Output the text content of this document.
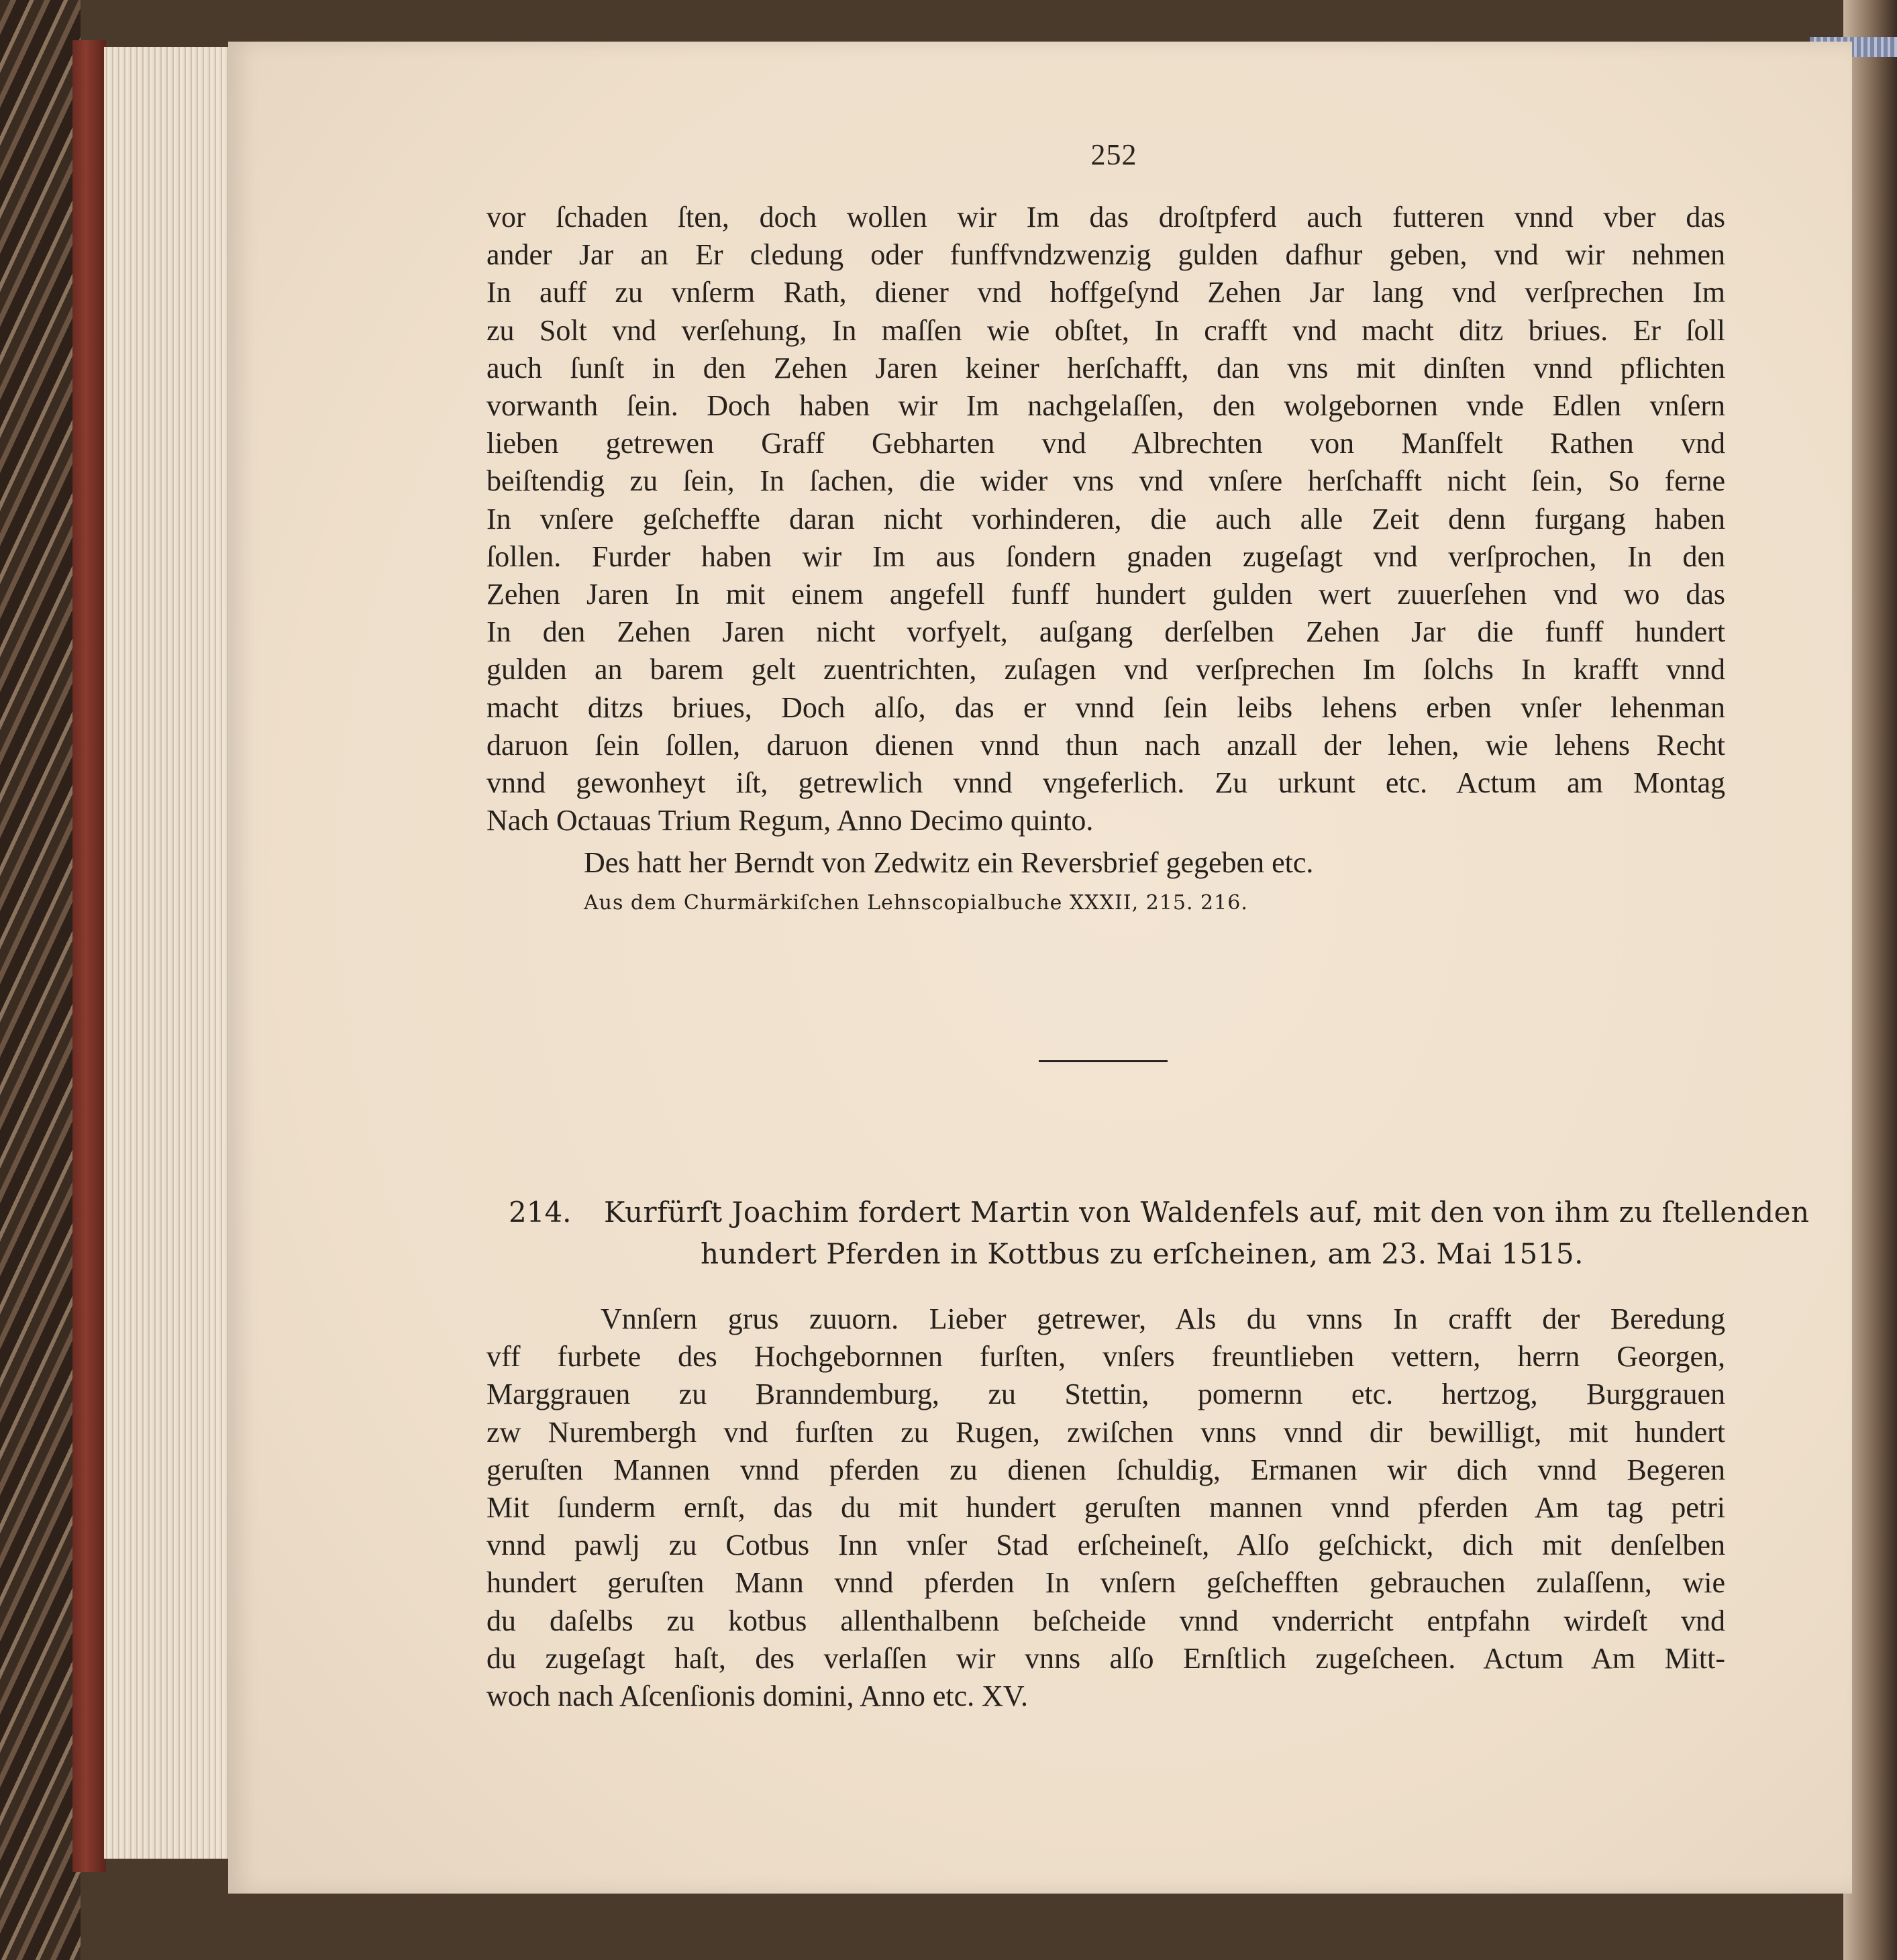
252
vor ſchaden ſten, doch wollen wir Im das droſtpferd auch futteren vnnd vber das
ander Jar an Er cledung oder funffvndzwenzig gulden dafhur geben, vnd wir nehmen
In auff zu vnſerm Rath, diener vnd hoffgeſynd Zehen Jar lang vnd verſprechen Im
zu Solt vnd verſehung, In maſſen wie obſtet, In crafft vnd macht ditz briues. Er ſoll
auch ſunſt in den Zehen Jaren keiner herſchafft, dan vns mit dinſten vnnd pflichten
vorwanth ſein. Doch haben wir Im nachgelaſſen, den wolgebornen vnde Edlen vnſern
lieben getrewen Graff Gebharten vnd Albrechten von Manſfelt Rathen vnd
beiſtendig zu ſein, In ſachen, die wider vns vnd vnſere herſchafft nicht ſein, So ferne
In vnſere geſcheffte daran nicht vorhinderen, die auch alle Zeit denn furgang haben
ſollen. Furder haben wir Im aus ſondern gnaden zugeſagt vnd verſprochen, In den
Zehen Jaren In mit einem angefell funff hundert gulden wert zuuerſehen vnd wo das
In den Zehen Jaren nicht vorfyelt, auſgang derſelben Zehen Jar die funff hundert
gulden an barem gelt zuentrichten, zuſagen vnd verſprechen Im ſolchs In krafft vnnd
macht ditzs briues, Doch alſo, das er vnnd ſein leibs lehens erben vnſer lehenman
daruon ſein ſollen, daruon dienen vnnd thun nach anzall der lehen, wie lehens Recht
vnnd gewonheyt iſt, getrewlich vnnd vngeferlich. Zu urkunt etc. Actum am Montag
Nach Octauas Trium Regum, Anno Decimo quinto.
Des hatt her Berndt von Zedwitz ein Reversbrief gegeben etc.
Aus dem Churmärkiſchen Lehnscopialbuche XXXII, 215. 216.
214. Kurfürſt Joachim fordert Martin von Waldenfels auf, mit den von ihm zu ſtellenden
hundert Pferden in Kottbus zu erſcheinen, am 23. Mai 1515.
Vnnſern grus zuuorn. Lieber getrewer, Als du vnns In crafft der Beredung
vff furbete des Hochgebornnen furſten, vnſers freuntlieben vettern, herrn Georgen,
Marggrauen zu Branndemburg, zu Stettin, pomernn etc. hertzog, Burggrauen
zw Nurembergh vnd furſten zu Rugen, zwiſchen vnns vnnd dir bewilligt, mit hundert
geruſten Mannen vnnd pferden zu dienen ſchuldig, Ermanen wir dich vnnd Begeren
Mit ſunderm ernſt, das du mit hundert geruſten mannen vnnd pferden Am tag petri
vnnd pawlj zu Cotbus Inn vnſer Stad erſcheineſt, Alſo geſchickt, dich mit denſelben
hundert geruſten Mann vnnd pferden In vnſern geſchefften gebrauchen zulaſſenn, wie
du daſelbs zu kotbus allenthalbenn beſcheide vnnd vnderricht entpfahn wirdeſt vnd
du zugeſagt haſt, des verlaſſen wir vnns alſo Ernſtlich zugeſcheen. Actum Am Mitt-
woch nach Aſcenſionis domini, Anno etc. XV.
